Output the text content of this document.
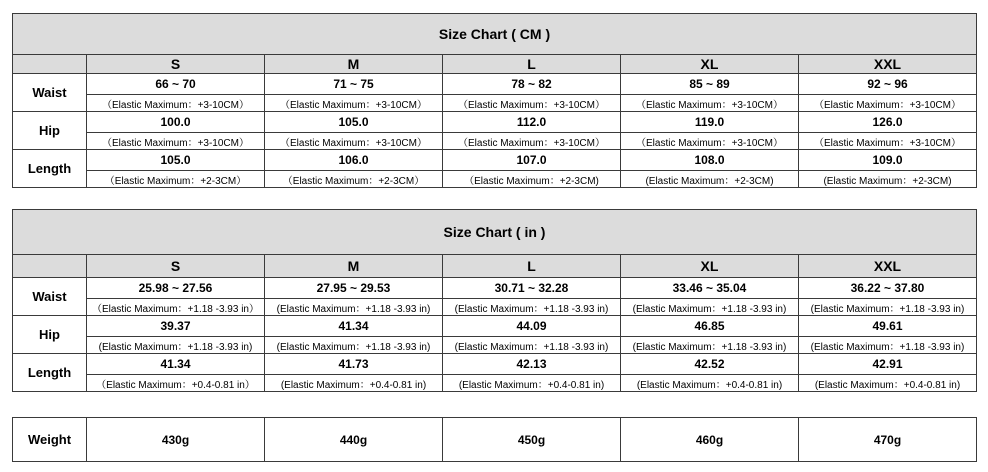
Size Chart ( CM )					
	S	M	L	XL	XXL
Waist	66 ~ 70	71 ~ 75	78 ~ 82	85 ~ 89	92 ~ 96
	（Elastic Maximum：+3-10CM）	（Elastic Maximum：+3-10CM）	（Elastic Maximum：+3-10CM）	（Elastic Maximum：+3-10CM）	（Elastic Maximum：+3-10CM）
Hip	100.0	105.0	112.0	119.0	126.0
	（Elastic Maximum：+3-10CM）	（Elastic Maximum：+3-10CM）	（Elastic Maximum：+3-10CM）	（Elastic Maximum：+3-10CM）	（Elastic Maximum：+3-10CM）
Length	105.0	106.0	107.0	108.0	109.0
	（Elastic Maximum：+2-3CM）	（Elastic Maximum：+2-3CM）	（Elastic Maximum：+2-3CM)	(Elastic Maximum：+2-3CM)	(Elastic Maximum：+2-3CM)
Size Chart ( in )					
	S	M	L	XL	XXL
Waist	25.98 ~ 27.56	27.95 ~ 29.53	30.71 ~ 32.28	33.46 ~ 35.04	36.22 ~ 37.80
	（Elastic Maximum：+1.18 -3.93 in）	(Elastic Maximum：+1.18 -3.93 in)	(Elastic Maximum：+1.18 -3.93 in)	(Elastic Maximum：+1.18 -3.93 in)	(Elastic Maximum：+1.18 -3.93 in)
Hip	39.37	41.34	44.09	46.85	49.61
	(Elastic Maximum：+1.18 -3.93 in)	(Elastic Maximum：+1.18 -3.93 in)	(Elastic Maximum：+1.18 -3.93 in)	(Elastic Maximum：+1.18 -3.93 in)	(Elastic Maximum：+1.18 -3.93 in)
Length	41.34	41.73	42.13	42.52	42.91
	（Elastic Maximum：+0.4-0.81 in）	(Elastic Maximum：+0.4-0.81 in)	(Elastic Maximum：+0.4-0.81 in)	(Elastic Maximum：+0.4-0.81 in)	(Elastic Maximum：+0.4-0.81 in)
Weight	430g	440g	450g	460g	470g
